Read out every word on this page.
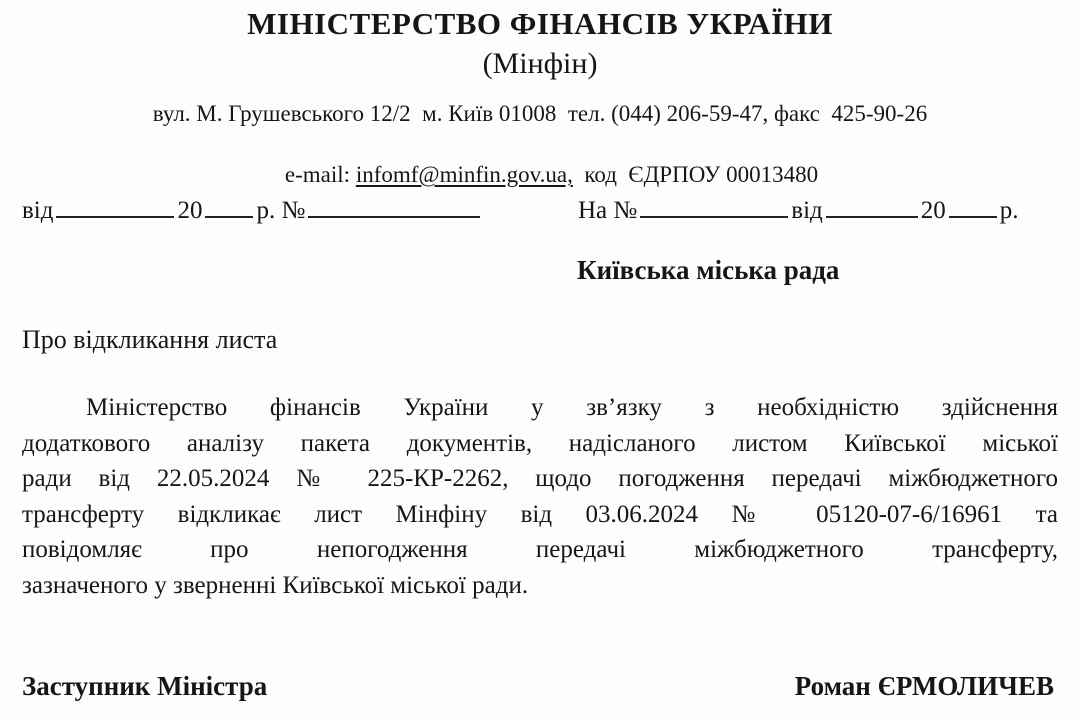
МІНІСТЕРСТВО ФІНАНСІВ УКРАЇНИ
(Мінфін)
вул. М. Грушевського 12/2  м. Київ 01008  тел. (044) 206-59-47, факс  425-90-26

e-mail: infomf@minfin.gov.ua,  код  ЄДРПОУ 00013480

від	20 р. №	На №	від	20 р.
Київська міська рада
Про відкликання листа
Міністерство фінансів України у зв’язку з необхідністю здійснення
додаткового аналізу пакета документів, надісланого листом Київської міської
ради від 22.05.2024 № 225-КР-2262, щодо погодження передачі міжбюджетного
трансферту відкликає лист Мінфіну від 03.06.2024 № 05120-07-6/16961 та
повідомляє про непогодження передачі міжбюджетного трансферту,
зазначеного у зверненні Київської міської ради.
Заступник Міністра	Роман ЄРМОЛИЧЕВ
